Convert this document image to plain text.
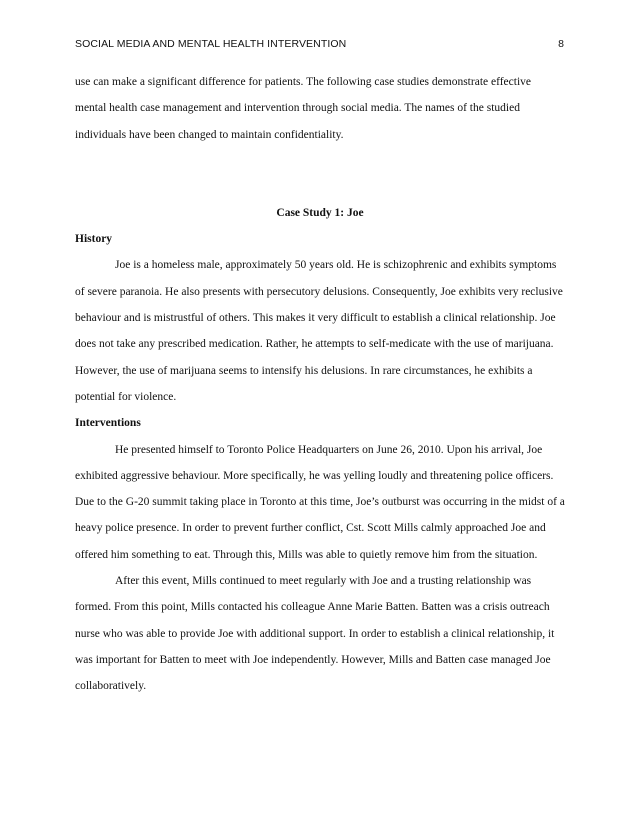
SOCIAL MEDIA AND MENTAL HEALTH INTERVENTION	8

use can make a significant difference for patients. The following case studies demonstrate effective mental health case management and intervention through social media. The names of the studied individuals have been changed to maintain confidentiality.

Case Study 1: Joe

History

Joe is a homeless male, approximately 50 years old. He is schizophrenic and exhibits symptoms of severe paranoia. He also presents with persecutory delusions. Consequently, Joe exhibits very reclusive behaviour and is mistrustful of others. This makes it very difficult to establish a clinical relationship. Joe does not take any prescribed medication. Rather, he attempts to self-medicate with the use of marijuana. However, the use of marijuana seems to intensify his delusions. In rare circumstances, he exhibits a potential for violence.

Interventions

He presented himself to Toronto Police Headquarters on June 26, 2010. Upon his arrival, Joe exhibited aggressive behaviour. More specifically, he was yelling loudly and threatening police officers. Due to the G-20 summit taking place in Toronto at this time, Joe’s outburst was occurring in the midst of a heavy police presence. In order to prevent further conflict, Cst. Scott Mills calmly approached Joe and offered him something to eat. Through this, Mills was able to quietly remove him from the situation.

After this event, Mills continued to meet regularly with Joe and a trusting relationship was formed. From this point, Mills contacted his colleague Anne Marie Batten. Batten was a crisis outreach nurse who was able to provide Joe with additional support. In order to establish a clinical relationship, it was important for Batten to meet with Joe independently. However, Mills and Batten case managed Joe collaboratively.
